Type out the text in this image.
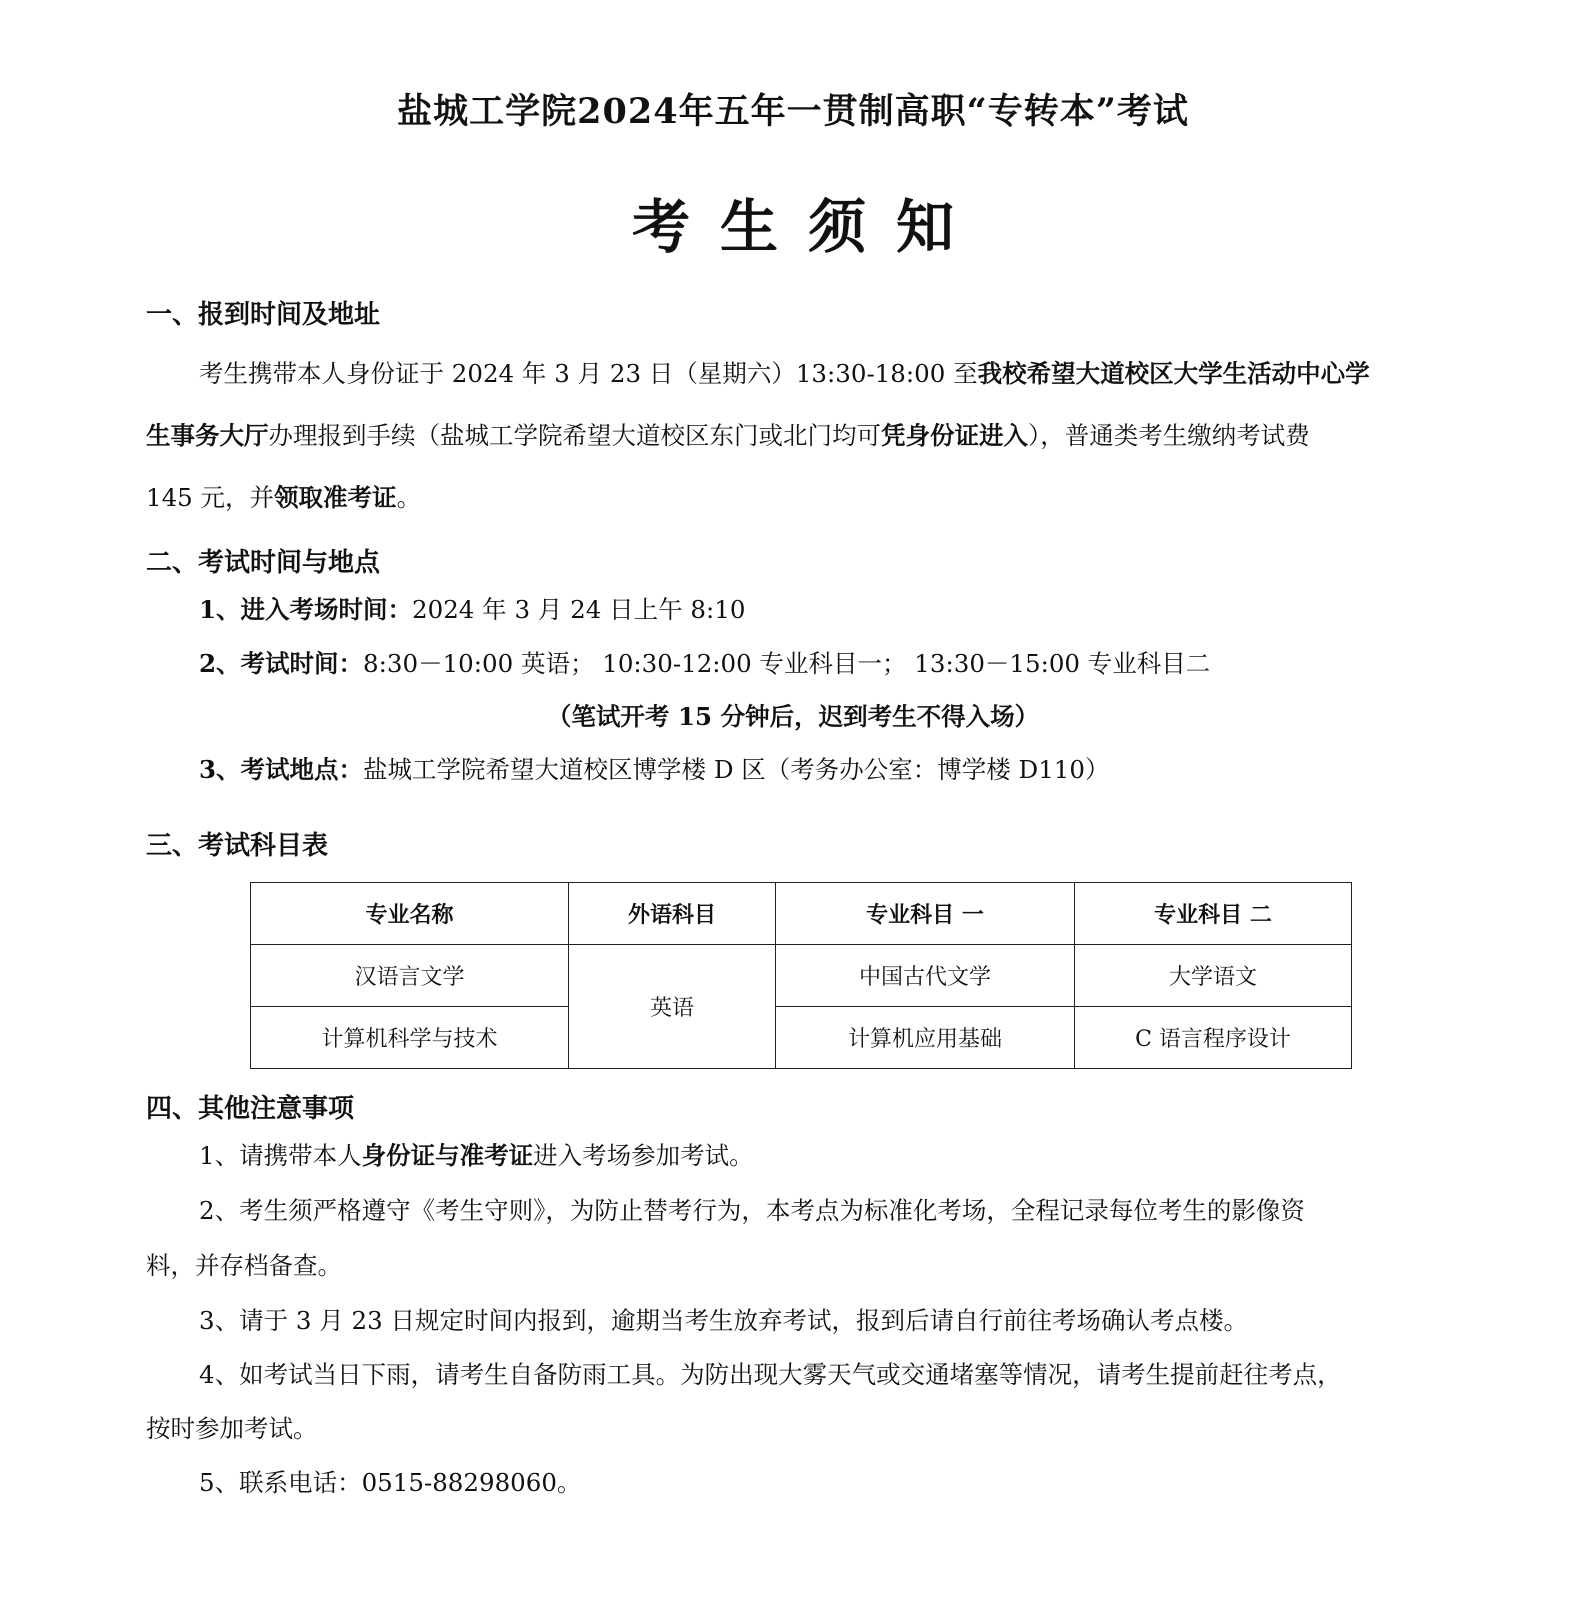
盐城工学院2024年五年一贯制高职“专转本”考试
考生须知
一、报到时间及地址
考生携带本人身份证于 2024 年 3 月 23 日（星期六）13:30-18:00 至我校希望大道校区大学生活动中心学
生事务大厅办理报到手续（盐城工学院希望大道校区东门或北门均可凭身份证进入），普通类考生缴纳考试费
145 元，并领取准考证。
二、考试时间与地点
1、进入考场时间：2024 年 3 月 24 日上午 8:10
2、考试时间：8:30－10:00 英语； 10:30-12:00 专业科目一； 13:30－15:00 专业科目二
（笔试开考 15 分钟后，迟到考生不得入场）
3、考试地点：盐城工学院希望大道校区博学楼 D 区（考务办公室：博学楼 D110）
三、考试科目表
专业名称	外语科目	专业科目 一	专业科目 二
汉语言文学	英语	中国古代文学	大学语文
计算机科学与技术		计算机应用基础	C 语言程序设计
四、其他注意事项
1、请携带本人身份证与准考证进入考场参加考试。
2、考生须严格遵守《考生守则》，为防止替考行为，本考点为标准化考场，全程记录每位考生的影像资
料，并存档备查。
3、请于 3 月 23 日规定时间内报到，逾期当考生放弃考试，报到后请自行前往考场确认考点楼。
4、如考试当日下雨，请考生自备防雨工具。为防出现大雾天气或交通堵塞等情况，请考生提前赶往考点，
按时参加考试。
5、联系电话：0515-88298060。
